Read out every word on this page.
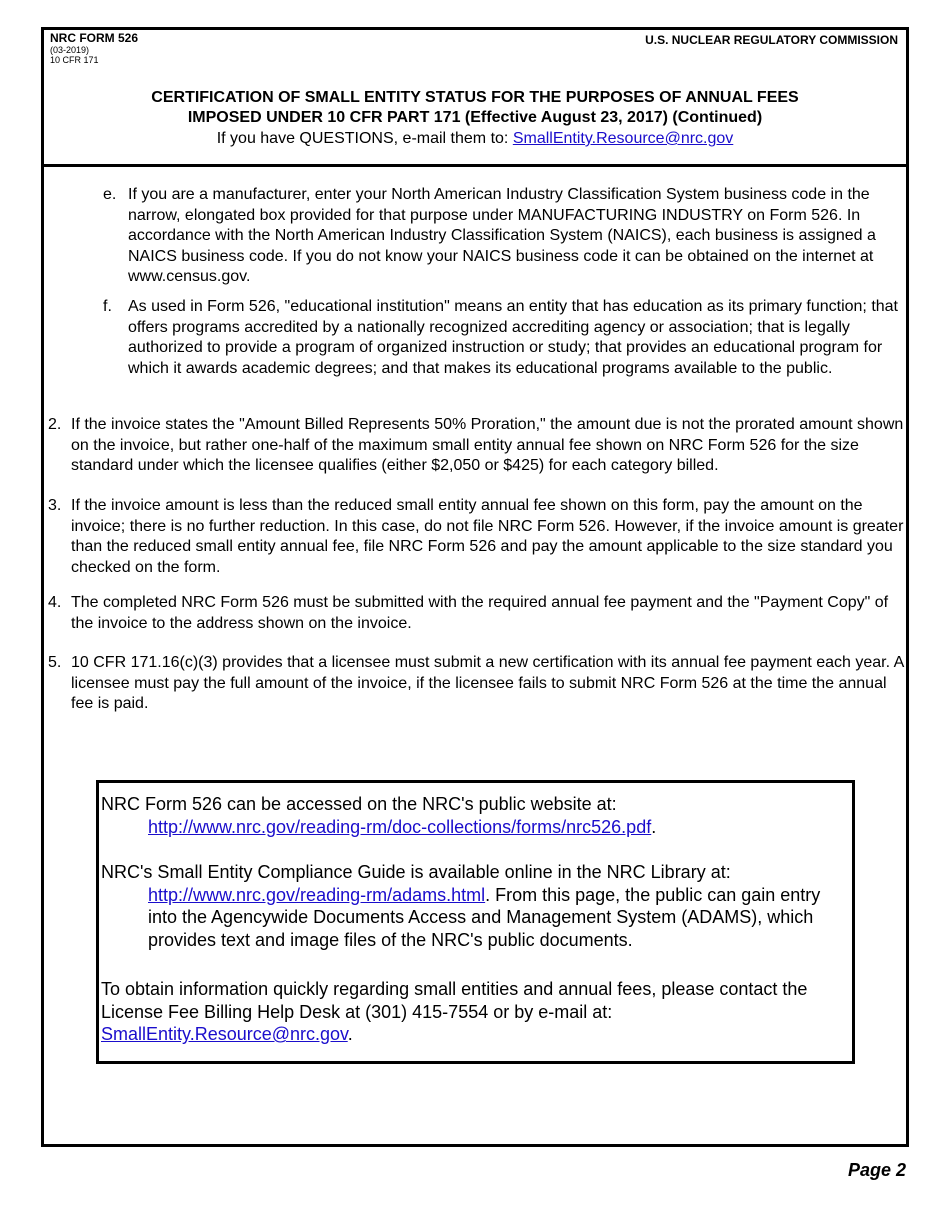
NRC FORM 526
(03-2019)
10 CFR 171
U.S. NUCLEAR REGULATORY COMMISSION
CERTIFICATION OF SMALL ENTITY STATUS FOR THE PURPOSES OF ANNUAL FEES
IMPOSED UNDER 10 CFR PART 171 (Effective August 23, 2017) (Continued)
If you have QUESTIONS, e-mail them to: SmallEntity.Resource@nrc.gov
e. If you are a manufacturer, enter your North American Industry Classification System business code in the narrow, elongated box provided for that purpose under MANUFACTURING INDUSTRY on Form 526. In accordance with the North American Industry Classification System (NAICS), each business is assigned a NAICS business code. If you do not know your NAICS business code it can be obtained on the internet at www.census.gov.
f. As used in Form 526, "educational institution" means an entity that has education as its primary function; that offers programs accredited by a nationally recognized accrediting agency or association; that is legally authorized to provide a program of organized instruction or study; that provides an educational program for which it awards academic degrees; and that makes its educational programs available to the public.
2. If the invoice states the "Amount Billed Represents 50% Proration," the amount due is not the prorated amount shown on the invoice, but rather one-half of the maximum small entity annual fee shown on NRC Form 526 for the size standard under which the licensee qualifies (either $2,050 or $425) for each category billed.
3. If the invoice amount is less than the reduced small entity annual fee shown on this form, pay the amount on the invoice; there is no further reduction. In this case, do not file NRC Form 526. However, if the invoice amount is greater than the reduced small entity annual fee, file NRC Form 526 and pay the amount applicable to the size standard you checked on the form.
4. The completed NRC Form 526 must be submitted with the required annual fee payment and the "Payment Copy" of the invoice to the address shown on the invoice.
5. 10 CFR 171.16(c)(3) provides that a licensee must submit a new certification with its annual fee payment each year. A licensee must pay the full amount of the invoice, if the licensee fails to submit NRC Form 526 at the time the annual fee is paid.
NRC Form 526 can be accessed on the NRC's public website at:
http://www.nrc.gov/reading-rm/doc-collections/forms/nrc526.pdf.
NRC's Small Entity Compliance Guide is available online in the NRC Library at:
http://www.nrc.gov/reading-rm/adams.html. From this page, the public can gain entry into the Agencywide Documents Access and Management System (ADAMS), which provides text and image files of the NRC's public documents.
To obtain information quickly regarding small entities and annual fees, please contact the License Fee Billing Help Desk at (301) 415-7554 or by e-mail at:
SmallEntity.Resource@nrc.gov.
Page 2
